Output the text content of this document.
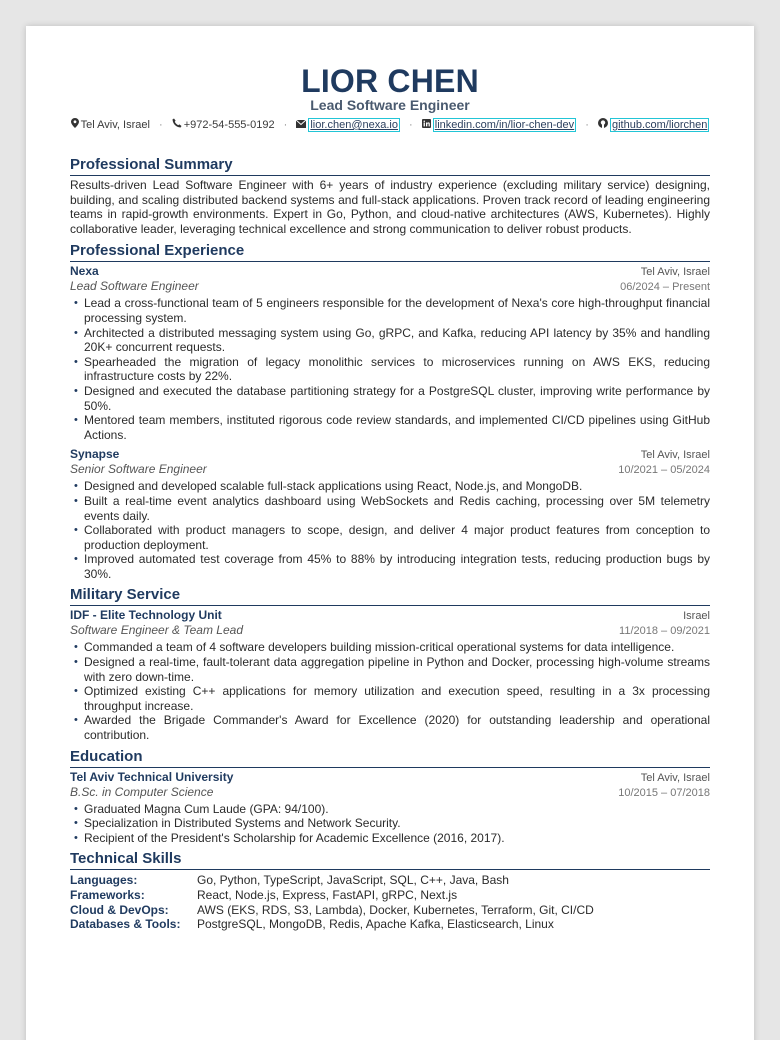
LIOR CHEN
Lead Software Engineer
Tel Aviv, Israel · +972-54-555-0192 · lior.chen@nexa.io · linkedin.com/in/lior-chen-dev · github.com/liorchen
Professional Summary
Results-driven Lead Software Engineer with 6+ years of industry experience (excluding military service) designing, building, and scaling distributed backend systems and full-stack applications. Proven track record of leading engineering teams in rapid-growth environments. Expert in Go, Python, and cloud-native architectures (AWS, Kubernetes). Highly collaborative leader, leveraging technical excellence and strong communication to deliver robust products.
Professional Experience
Nexa	Tel Aviv, Israel
Lead Software Engineer	06/2024 – Present
• Lead a cross-functional team of 5 engineers responsible for the development of Nexa's core high-throughput financial processing system.
• Architected a distributed messaging system using Go, gRPC, and Kafka, reducing API latency by 35% and handling 20K+ concurrent requests.
• Spearheaded the migration of legacy monolithic services to microservices running on AWS EKS, reducing infrastructure costs by 22%.
• Designed and executed the database partitioning strategy for a PostgreSQL cluster, improving write performance by 50%.
• Mentored team members, instituted rigorous code review standards, and implemented CI/CD pipelines using GitHub Actions.
Synapse	Tel Aviv, Israel
Senior Software Engineer	10/2021 – 05/2024
• Designed and developed scalable full-stack applications using React, Node.js, and MongoDB.
• Built a real-time event analytics dashboard using WebSockets and Redis caching, processing over 5M telemetry events daily.
• Collaborated with product managers to scope, design, and deliver 4 major product features from conception to production deployment.
• Improved automated test coverage from 45% to 88% by introducing integration tests, reducing production bugs by 30%.
Military Service
IDF - Elite Technology Unit	Israel
Software Engineer & Team Lead	11/2018 – 09/2021
• Commanded a team of 4 software developers building mission-critical operational systems for data intelligence.
• Designed a real-time, fault-tolerant data aggregation pipeline in Python and Docker, processing high-volume streams with zero down-time.
• Optimized existing C++ applications for memory utilization and execution speed, resulting in a 3x processing throughput increase.
• Awarded the Brigade Commander's Award for Excellence (2020) for outstanding leadership and operational contribution.
Education
Tel Aviv Technical University	Tel Aviv, Israel
B.Sc. in Computer Science	10/2015 – 07/2018
• Graduated Magna Cum Laude (GPA: 94/100).
• Specialization in Distributed Systems and Network Security.
• Recipient of the President's Scholarship for Academic Excellence (2016, 2017).
Technical Skills
Languages:	Go, Python, TypeScript, JavaScript, SQL, C++, Java, Bash
Frameworks:	React, Node.js, Express, FastAPI, gRPC, Next.js
Cloud & DevOps:	AWS (EKS, RDS, S3, Lambda), Docker, Kubernetes, Terraform, Git, CI/CD
Databases & Tools:	PostgreSQL, MongoDB, Redis, Apache Kafka, Elasticsearch, Linux
